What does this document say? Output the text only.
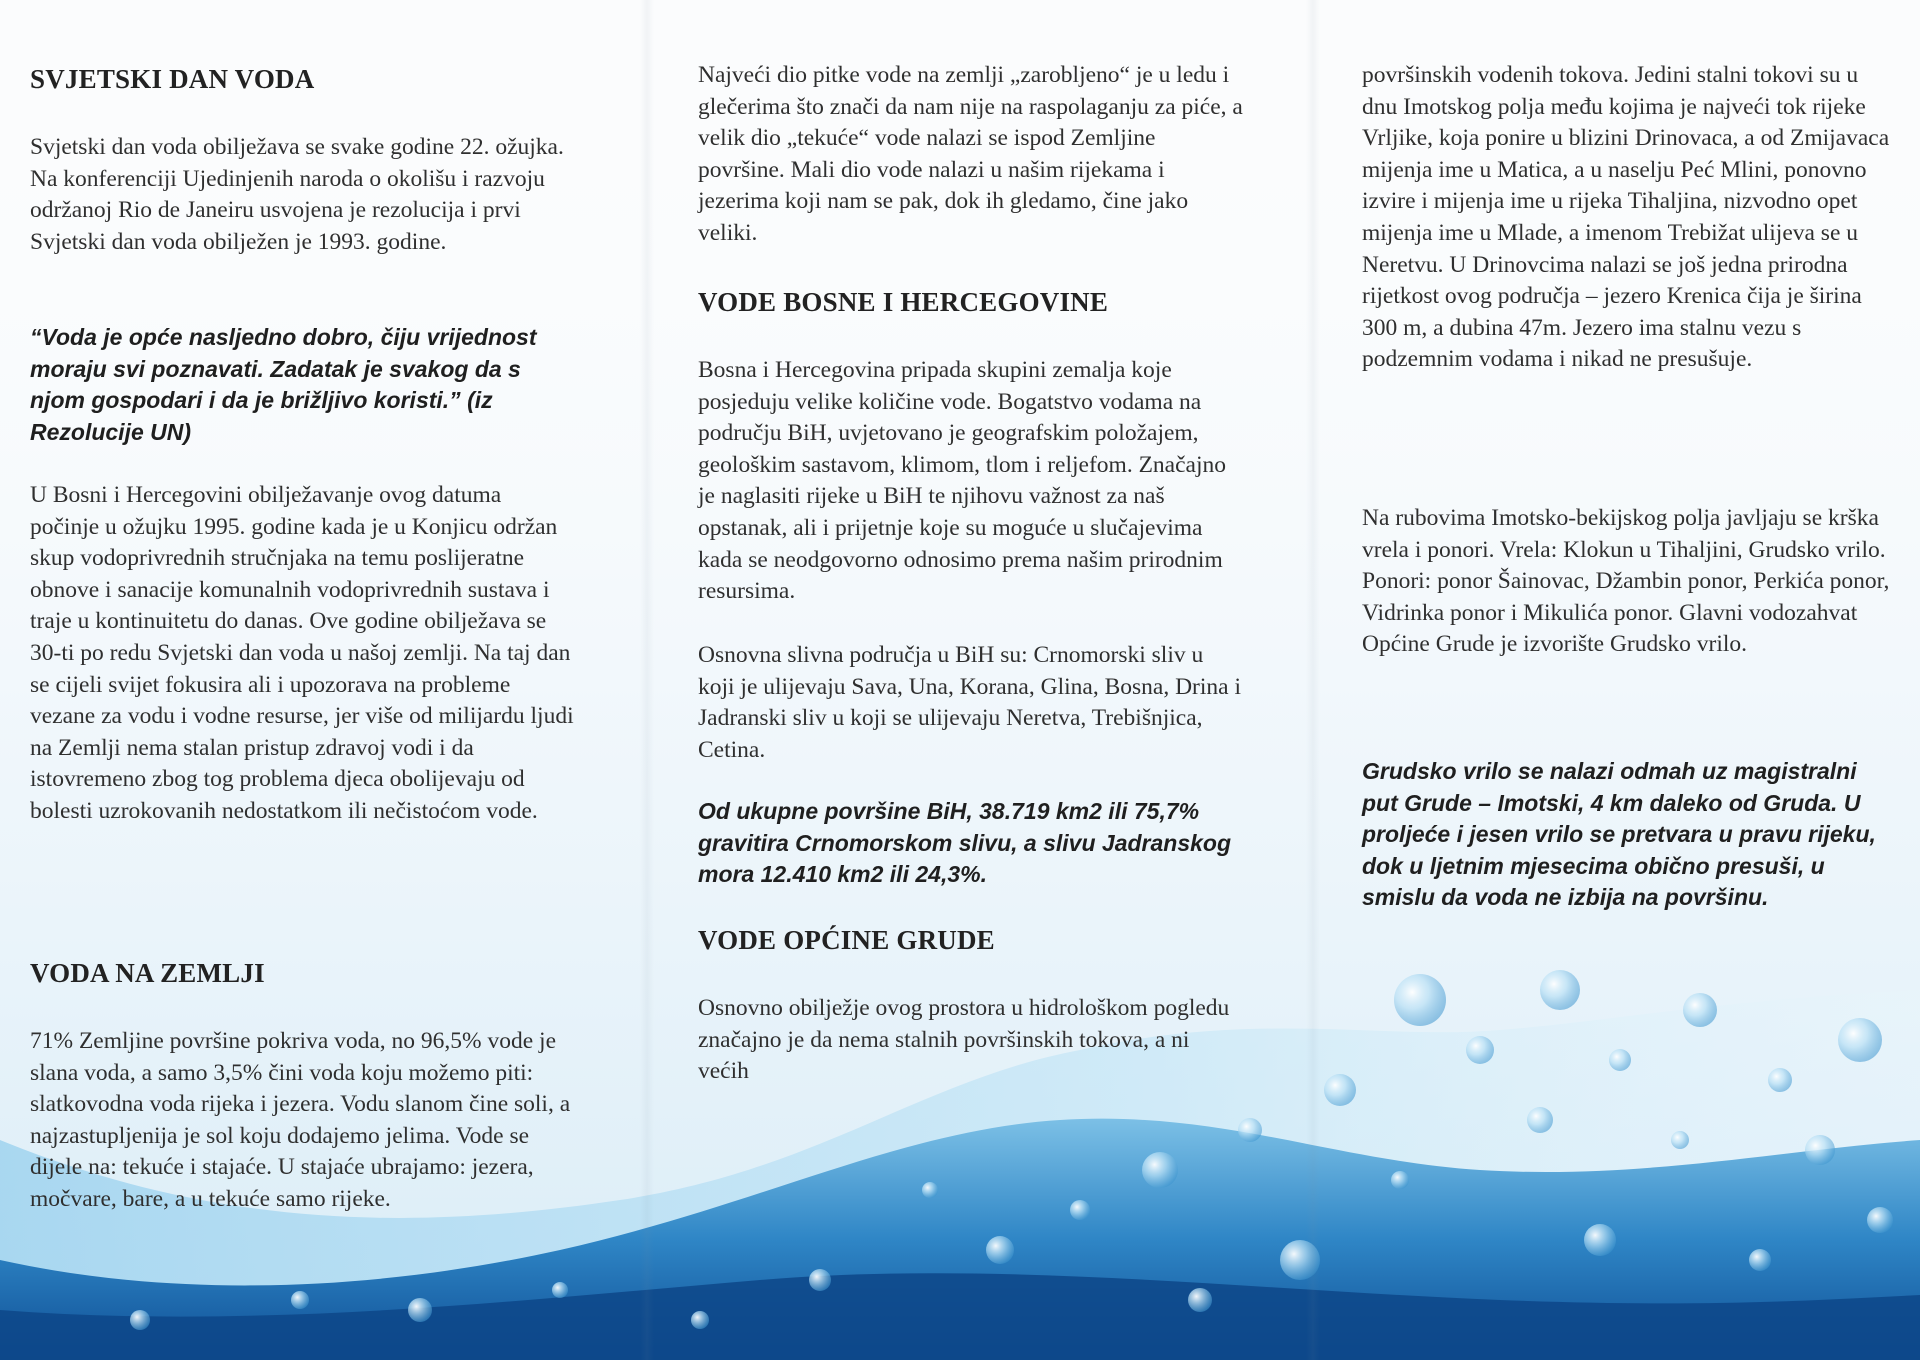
SVJETSKI DAN VODA

Svjetski dan voda obilježava se svake godine 22. ožujka. Na konferenciji Ujedinjenih naroda o okolišu i razvoju održanoj Rio de Janeiru usvojena je rezolucija i prvi Svjetski dan voda obilježen je 1993. godine.

“Voda je opće nasljedno dobro, čiju vrijednost moraju svi poznavati. Zadatak je svakog da s njom gospodari i da je brižljivo koristi.” (iz Rezolucije UN)

U Bosni i Hercegovini obilježavanje ovog datuma počinje u ožujku 1995. godine kada je u Konjicu održan skup vodoprivrednih stručnjaka na temu poslijeratne obnove i sanacije komunalnih vodoprivrednih sustava i traje u kontinuitetu do danas. Ove godine obilježava se 30-ti po redu Svjetski dan voda u našoj zemlji. Na taj dan se cijeli svijet fokusira ali i upozorava na probleme vezane za vodu i vodne resurse, jer više od milijardu ljudi na Zemlji nema stalan pristup zdravoj vodi i da istovremeno zbog tog problema djeca obolijevaju od bolesti uzrokovanih nedostatkom ili nečistoćom vode.

VODA NA ZEMLJI

71% Zemljine površine pokriva voda, no 96,5% vode je slana voda, a samo 3,5% čini voda koju možemo piti: slatkovodna voda rijeka i jezera. Vodu slanom čine soli, a najzastupljenija je sol koju dodajemo jelima. Vode se dijele na: tekuće i stajaće. U stajaće ubrajamo: jezera, močvare, bare, a u tekuće samo rijeke.

Najveći dio pitke vode na zemlji „zarobljeno“ je u ledu i glečerima što znači da nam nije na raspolaganju za piće, a velik dio „tekuće“ vode nalazi se ispod Zemljine površine. Mali dio vode nalazi u našim rijekama i jezerima koji nam se pak, dok ih gledamo, čine jako veliki.

VODE BOSNE I HERCEGOVINE

Bosna i Hercegovina pripada skupini zemalja koje posjeduju velike količine vode. Bogatstvo vodama na području BiH, uvjetovano je geografskim položajem, geološkim sastavom, klimom, tlom i reljefom. Značajno je naglasiti rijeke u BiH te njihovu važnost za naš opstanak, ali i prijetnje koje su moguće u slučajevima kada se neodgovorno odnosimo prema našim prirodnim resursima.

Osnovna slivna područja u BiH su: Crnomorski sliv u koji je ulijevaju Sava, Una, Korana, Glina, Bosna, Drina i Jadranski sliv u koji se ulijevaju Neretva, Trebišnjica, Cetina.

Od ukupne površine BiH, 38.719 km2 ili 75,7% gravitira Crnomorskom slivu, a slivu Jadranskog mora 12.410 km2 ili 24,3%.

VODE OPĆINE GRUDE

Osnovno obilježje ovog prostora u hidrološkom pogledu značajno je da nema stalnih površinskih tokova, a ni većih

površinskih vodenih tokova. Jedini stalni tokovi su u dnu Imotskog polja među kojima je najveći tok rijeke Vrljike, koja ponire u blizini Drinovaca, a od Zmijavaca mijenja ime u Matica, a u naselju Peć Mlini, ponovno izvire i mijenja ime u rijeka Tihaljina, nizvodno opet mijenja ime u Mlade, a imenom Trebižat ulijeva se u Neretvu. U Drinovcima nalazi se još jedna prirodna rijetkost ovog područja – jezero Krenica čija je širina 300 m, a dubina 47m. Jezero ima stalnu vezu s podzemnim vodama i nikad ne presušuje.

Na rubovima Imotsko-bekijskog polja javljaju se krška vrela i ponori. Vrela: Klokun u Tihaljini, Grudsko vrilo. Ponori: ponor Šainovac, Džambin ponor, Perkića ponor, Vidrinka ponor i Mikulića ponor. Glavni vodozahvat Općine Grude je izvorište Grudsko vrilo.

Grudsko vrilo se nalazi odmah uz magistralni put Grude – Imotski, 4 km daleko od Gruda. U proljeće i jesen vrilo se pretvara u pravu rijeku, dok u ljetnim mjesecima obično presuši, u smislu da voda ne izbija na površinu.
